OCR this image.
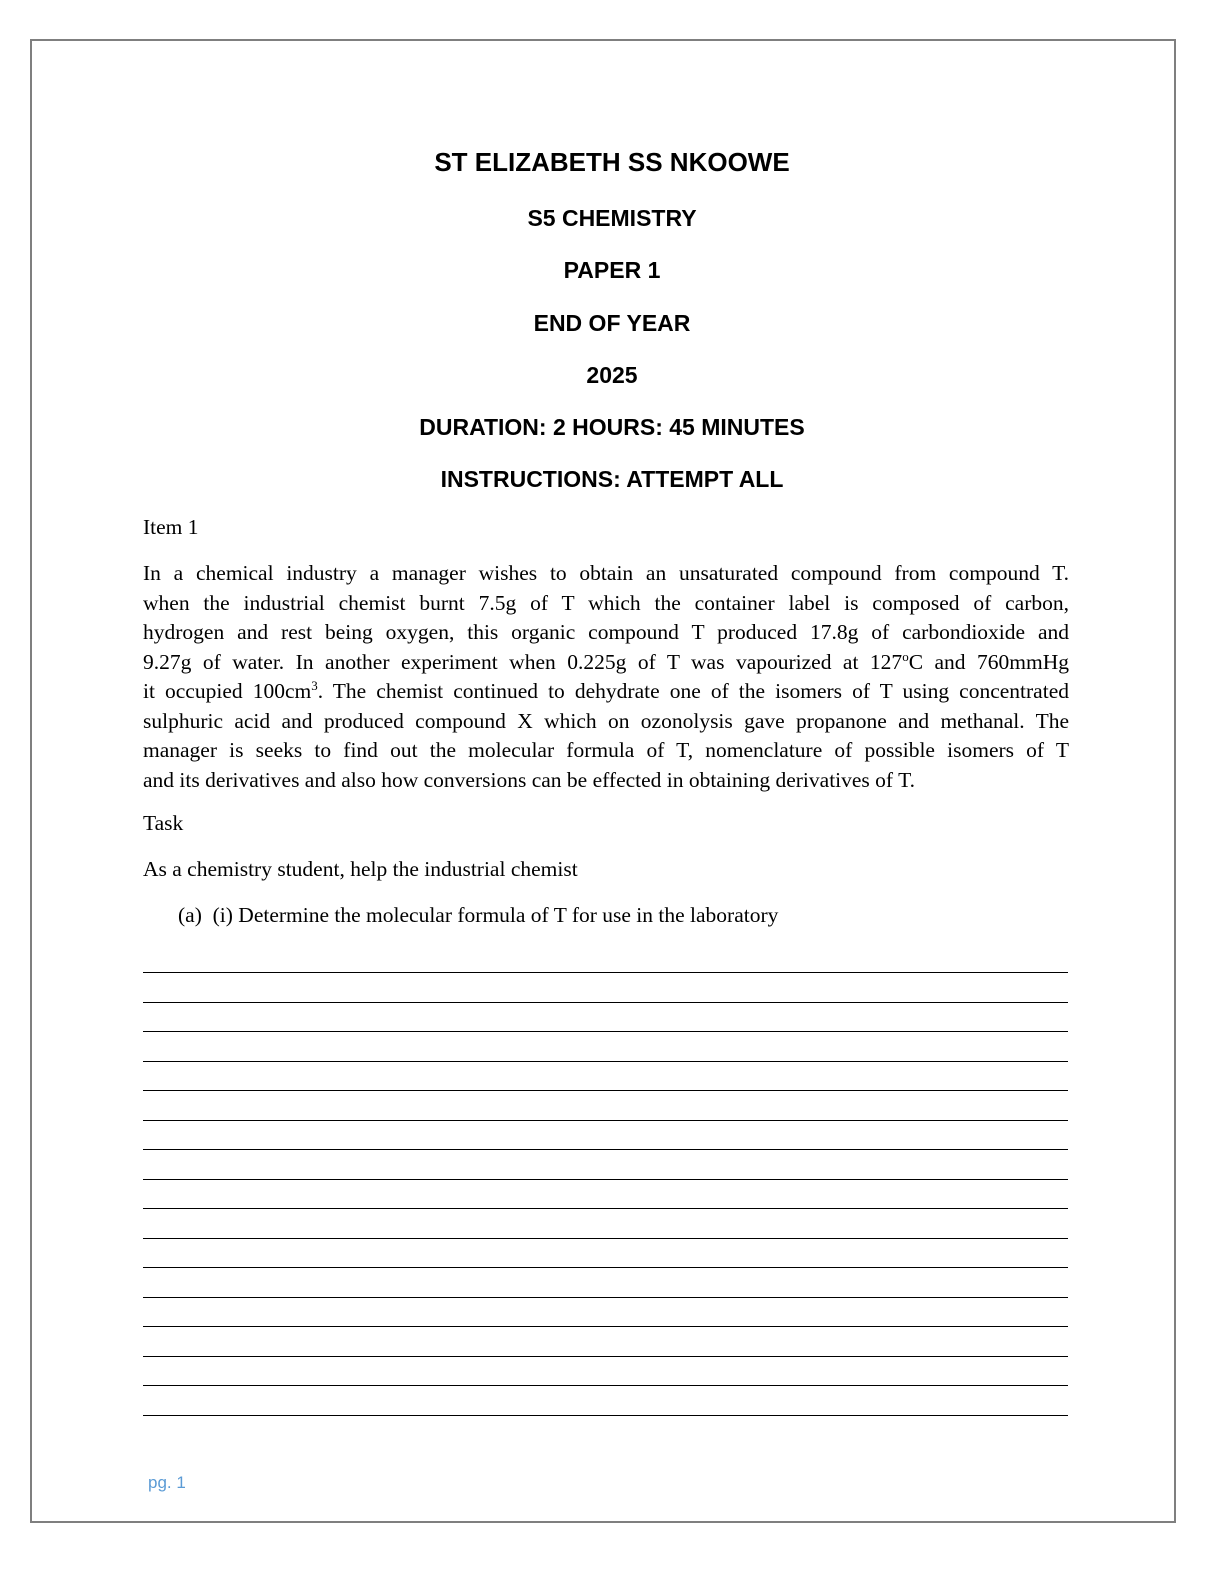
ST ELIZABETH SS NKOOWE
S5 CHEMISTRY
PAPER 1
END OF YEAR
2025
DURATION: 2 HOURS: 45 MINUTES
INSTRUCTIONS: ATTEMPT ALL
Item 1
In a chemical industry a manager wishes to obtain an unsaturated compound from compound T.
when the industrial chemist burnt 7.5g of T which the container label is composed of carbon,
hydrogen and rest being oxygen, this organic compound T produced 17.8g of carbondioxide and
9.27g of water. In another experiment when 0.225g of T was vapourized at 127$^o$C and 760mmHg
it occupied $100cm^3$. The chemist continued to dehydrate one of the isomers of T using concentrated
sulphuric acid and produced compound X which on ozonolysis gave propanone and methanal. The
manager is seeks to find out the molecular formula of T, nomenclature of possible isomers of T
and its derivatives and also how conversions can be effected in obtaining derivatives of T.
Task
As a chemistry student, help the industrial chemist
(a) (i) Determine the molecular formula of T for use in the laboratory
pg. 1
